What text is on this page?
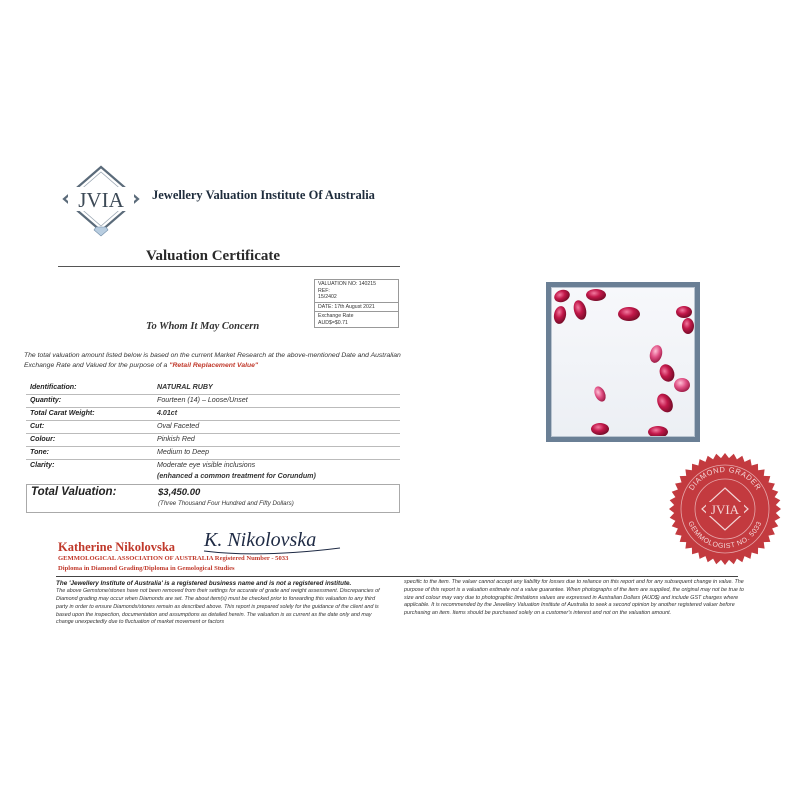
JVIA Jewellery Valuation Institute Of Australia
Valuation Certificate
VALUATION NO: 140215
REF:
15/2402
DATE: 17th August 2021
Exchange Rate
AUD$=$0.71
To Whom It May Concern
The total valuation amount listed below is based on the current Market Research at the above-mentioned Date and Australian Exchange Rate and Valued for the purpose of a "Retail Replacement Value"
Identification:	NATURAL RUBY
Quantity:	Fourteen (14) – Loose/Unset
Total Carat Weight:	4.01ct
Cut:	Oval Faceted
Colour:	Pinkish Red
Tone:	Medium to Deep
Clarity:	Moderate eye visible inclusions
(enhanced a common treatment for Corundum)
Total Valuation:	$3,450.00
(Three Thousand Four Hundred and Fifty Dollars)
DIAMOND GRADER
GEMMOLOGIST NO. 5033
JVIA
Katherine Nikolovska K. Nikolovska
GEMMOLOGICAL ASSOCIATION OF AUSTRALIA Registered Number - 5033
Diploma in Diamond Grading/Diploma in Gemological Studies
The 'Jewellery Institute of Australia' is a registered business name and is not a registered institute.
The above Gemstone/stones have not been removed from their settings for accurate of grade and weight assessment. Discrepancies of Diamond grading may occur when Diamonds are set. The about item(s) must be checked prior to forwarding this valuation to any third party in order to ensure Diamonds/stones remain as described above. This report is prepared solely for the guidance of the client and is based upon the inspection, documentation and assumptions as detailed herein. The valuation is as current as the date only and may change unexpectedly due to fluctuation of market movement or factors
specific to the item. The valuer cannot accept any liability for losses due to reliance on this report and for any subsequent change in value. The purpose of this report is a valuation estimate not a value guarantee. When photographs of the item are supplied, the original may not be true to size and colour may vary due to photographic limitations values are expressed in Australian Dollars (AUD$) and include GST charges where applicable. It is recommended by the Jewellery Valuation Institute of Australia to seek a second opinion by another registered valuer before purchasing an item. Items should be purchased solely on a customer's interest and not on the valuation amount.
